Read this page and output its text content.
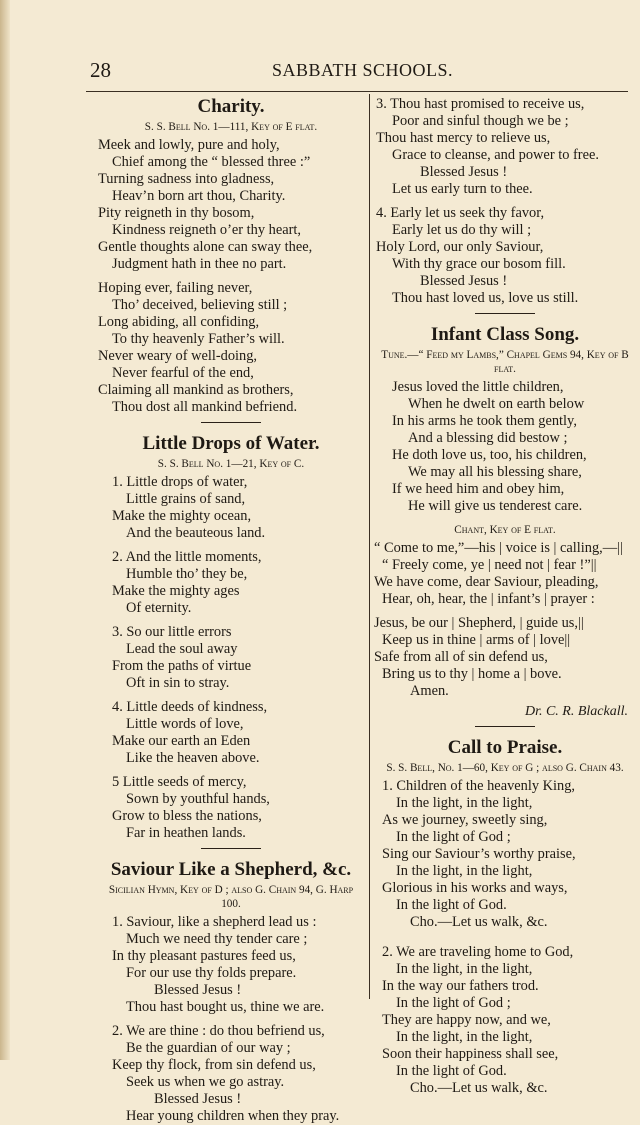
28	SABBATH SCHOOLS.
Charity.
S. S. Bell No. 1—111, Key of E flat.
Meek and lowly, pure and holy,
Chief among the “ blessed three :”
Turning sadness into gladness,
Heav’n born art thou, Charity.
Pity reigneth in thy bosom,
Kindness reigneth o’er thy heart,
Gentle thoughts alone can sway thee,
Judgment hath in thee no part.
Hoping ever, failing never,
Tho’ deceived, believing still ;
Long abiding, all confiding,
To thy heavenly Father’s will.
Never weary of well-doing,
Never fearful of the end,
Claiming all mankind as brothers,
Thou dost all mankind befriend.
Little Drops of Water.
S. S. Bell No. 1—21, Key of C.
1. Little drops of water,
Little grains of sand,
Make the mighty ocean,
And the beauteous land.
2. And the little moments,
Humble tho’ they be,
Make the mighty ages
Of eternity.
3. So our little errors
Lead the soul away
From the paths of virtue
Oft in sin to stray.
4. Little deeds of kindness,
Little words of love,
Make our earth an Eden
Like the heaven above.
5 Little seeds of mercy,
Sown by youthful hands,
Grow to bless the nations,
Far in heathen lands.
Saviour Like a Shepherd, &c.
Sicilian Hymn, Key of D ; also G. Chain 94, G. Harp 100.
1. Saviour, like a shepherd lead us :
Much we need thy tender care ;
In thy pleasant pastures feed us,
For our use thy folds prepare.
Blessed Jesus !
Thou hast bought us, thine we are.
2. We are thine : do thou befriend us,
Be the guardian of our way ;
Keep thy flock, from sin defend us,
Seek us when we go astray.
Blessed Jesus !
Hear young children when they pray.
3. Thou hast promised to receive us,
Poor and sinful though we be ;
Thou hast mercy to relieve us,
Grace to cleanse, and power to free.
Blessed Jesus !
Let us early turn to thee.
4. Early let us seek thy favor,
Early let us do thy will ;
Holy Lord, our only Saviour,
With thy grace our bosom fill.
Blessed Jesus !
Thou hast loved us, love us still.
Infant Class Song.
Tune.—“ Feed my Lambs,” Chapel Gems 94, Key of B flat.
Jesus loved the little children,
When he dwelt on earth below
In his arms he took them gently,
And a blessing did bestow ;
He doth love us, too, his children,
We may all his blessing share,
If we heed him and obey him,
He will give us tenderest care.
Chant, Key of E flat.
“ Come to me,”—his | voice is | calling,—||
“ Freely come, ye | need not | fear !”||
We have come, dear Saviour, pleading,
Hear, oh, hear, the | infant’s | prayer :
Jesus, be our | Shepherd, | guide us,||
Keep us in thine | arms of | love||
Safe from all of sin defend us,
Bring us to thy | home a | bove.
Amen.
Dr. C. R. Blackall.
Call to Praise.
S. S. Bell, No. 1—60, Key of G ; also G. Chain 43.
1. Children of the heavenly King,
In the light, in the light,
As we journey, sweetly sing,
In the light of God ;
Sing our Saviour’s worthy praise,
In the light, in the light,
Glorious in his works and ways,
In the light of God.
Cho.—Let us walk, &c.
2. We are traveling home to God,
In the light, in the light,
In the way our fathers trod.
In the light of God ;
They are happy now, and we,
In the light, in the light,
Soon their happiness shall see,
In the light of God.
Cho.—Let us walk, &c.
